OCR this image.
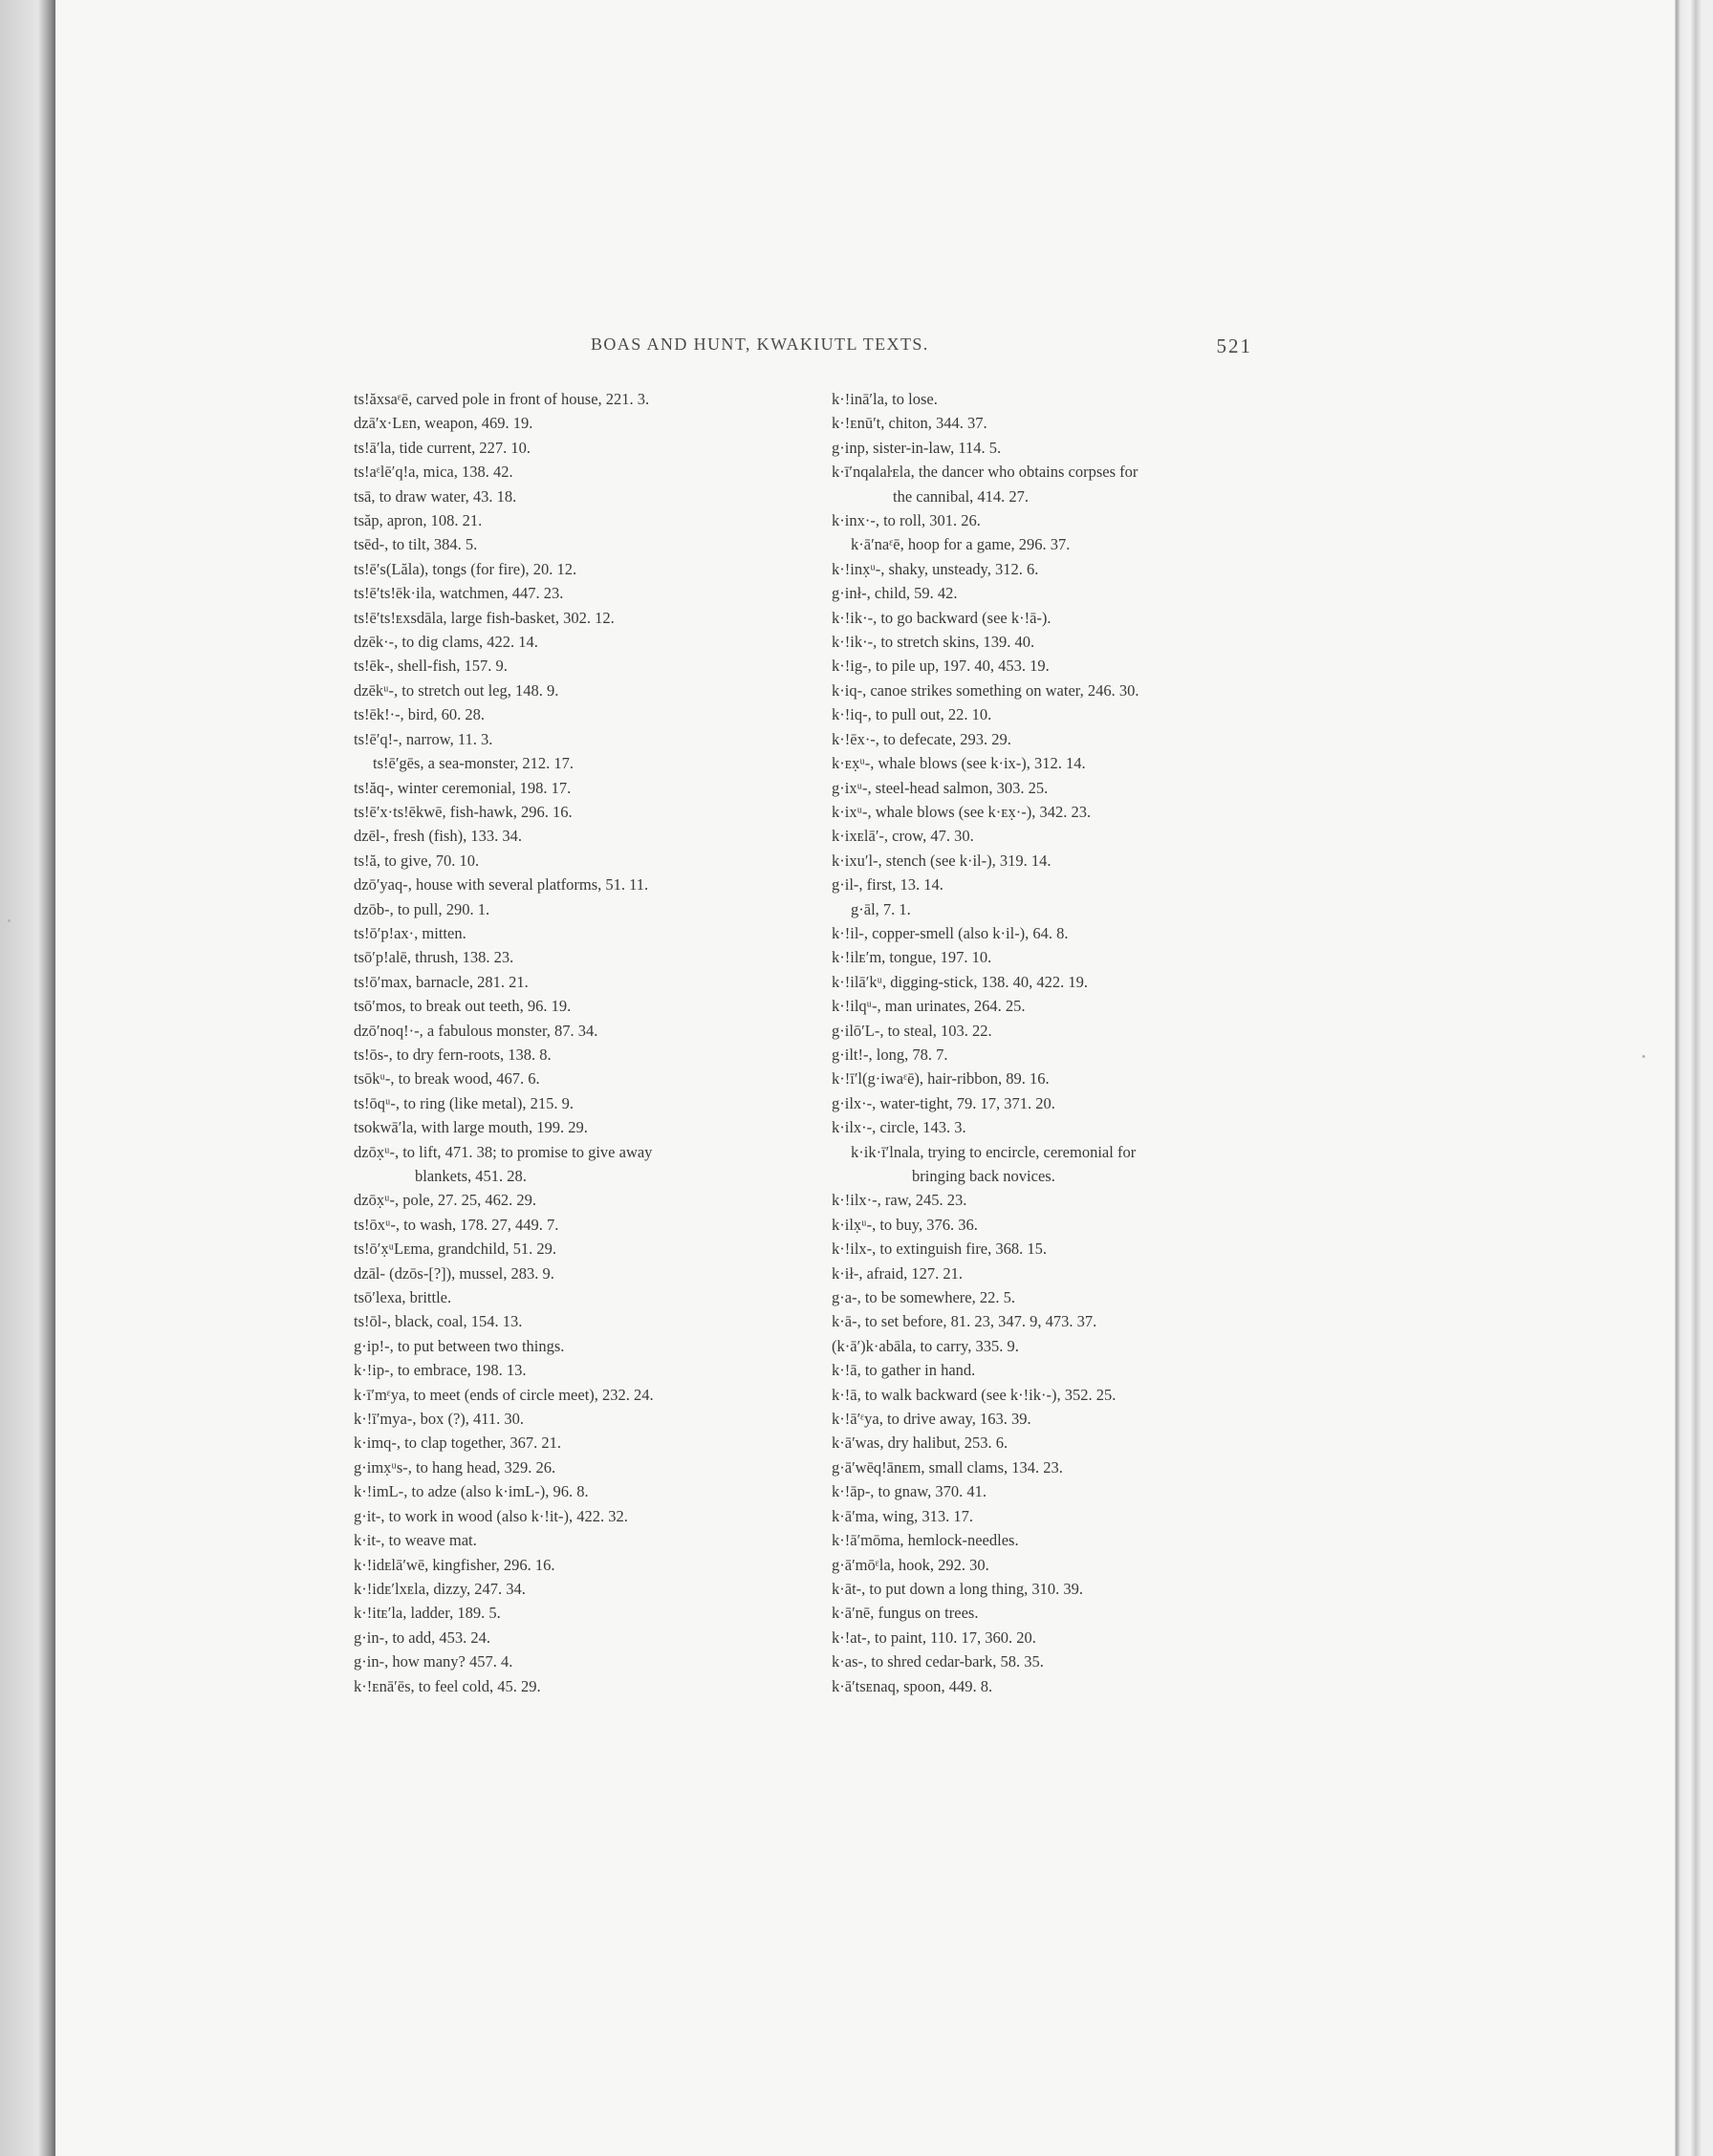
BOAS AND HUNT, KWAKIUTL TEXTS.	521

ts!ăxsaᵋē, carved pole in front of house, 221. 3.

dzā′x·Lᴇn, weapon, 469. 19.

ts!ā′la, tide current, 227. 10.

ts!aᵋlē′q!a, mica, 138. 42.

tsā, to draw water, 43. 18.

tsăp, apron, 108. 21.

tsēd-, to tilt, 384. 5.

ts!ē′s(Lăla), tongs (for fire), 20. 12.

ts!ē′ts!ēk·ila, watchmen, 447. 23.

ts!ē′ts!ᴇxsdāla, large fish-basket, 302. 12.

dzēk·-, to dig clams, 422. 14.

ts!ēk-, shell-fish, 157. 9.

dzēkᵘ-, to stretch out leg, 148. 9.

ts!ēk!·-, bird, 60. 28.

ts!ē′q!-, narrow, 11. 3.

ts!ē′gēs, a sea-monster, 212. 17.

ts!ăq-, winter ceremonial, 198. 17.

ts!ē′x·ts!ēkwē, fish-hawk, 296. 16.

dzēl-, fresh (fish), 133. 34.

ts!ă, to give, 70. 10.

dzō′yaq-, house with several platforms, 51. 11.

dzōb-, to pull, 290. 1.

ts!ō′p!ax·, mitten.

tsō′p!alē, thrush, 138. 23.

ts!ō′max, barnacle, 281. 21.

tsō′mos, to break out teeth, 96. 19.

dzō′noq!·-, a fabulous monster, 87. 34.

ts!ōs-, to dry fern-roots, 138. 8.

tsōkᵘ-, to break wood, 467. 6.

ts!ōqᵘ-, to ring (like metal), 215. 9.

tsokwā′la, with large mouth, 199. 29.

dzōx̣ᵘ-, to lift, 471. 38; to promise to give away

blankets, 451. 28.

dzōx̣ᵘ-, pole, 27. 25, 462. 29.

ts!ōxᵘ-, to wash, 178. 27, 449. 7.

ts!ō′x̣ᵘLᴇma, grandchild, 51. 29.

dzāl- (dzōs-[?]), mussel, 283. 9.

tsō′lexa, brittle.

ts!ōl-, black, coal, 154. 13.

g·ip!-, to put between two things.

k·!ip-, to embrace, 198. 13.

k·ī′mᵋya, to meet (ends of circle meet), 232. 24.

k·!ī′mya-, box (?), 411. 30.

k·imq-, to clap together, 367. 21.

g·imx̣ᵘs-, to hang head, 329. 26.

k·!imL-, to adze (also k·imL-), 96. 8.

g·it-, to work in wood (also k·!it-), 422. 32.

k·it-, to weave mat.

k·!idᴇlā′wē, kingfisher, 296. 16.

k·!idᴇ′lxᴇla, dizzy, 247. 34.

k·!itᴇ′la, ladder, 189. 5.

g·in-, to add, 453. 24.

g·in-, how many? 457. 4.

k·!ᴇnā′ēs, to feel cold, 45. 29.

k·!inā′la, to lose.

k·!ᴇnū′t, chiton, 344. 37.

g·inp, sister-in-law, 114. 5.

k·ī′nqalaŀᴇla, the dancer who obtains corpses for

the cannibal, 414. 27.

k·inx·-, to roll, 301. 26.

k·ā′naᵋē, hoop for a game, 296. 37.

k·!inx̣ᵘ-, shaky, unsteady, 312. 6.

g·inł-, child, 59. 42.

k·!ik·-, to go backward (see k·!ā-).

k·!ik·-, to stretch skins, 139. 40.

k·!ig-, to pile up, 197. 40, 453. 19.

k·iq-, canoe strikes something on water, 246. 30.

k·!iq-, to pull out, 22. 10.

k·!ēx·-, to defecate, 293. 29.

k·ᴇx̣ᵘ-, whale blows (see k·ix-), 312. 14.

g·ixᵘ-, steel-head salmon, 303. 25.

k·ixᵘ-, whale blows (see k·ᴇx̣·-), 342. 23.

k·ixᴇlā′-, crow, 47. 30.

k·ixu′l-, stench (see k·il-), 319. 14.

g·il-, first, 13. 14.

g·āl, 7. 1.

k·!il-, copper-smell (also k·il-), 64. 8.

k·!ilᴇ′m, tongue, 197. 10.

k·!ilā′kᵘ, digging-stick, 138. 40, 422. 19.

k·!ilqᵘ-, man urinates, 264. 25.

g·ilō′L-, to steal, 103. 22.

g·ilt!-, long, 78. 7.

k·!ī′l(g·iwaᵋē), hair-ribbon, 89. 16.

g·ilx·-, water-tight, 79. 17, 371. 20.

k·ilx·-, circle, 143. 3.

k·ik·ī′lnala, trying to encircle, ceremonial for

bringing back novices.

k·!ilx·-, raw, 245. 23.

k·ilx̣ᵘ-, to buy, 376. 36.

k·!ilx-, to extinguish fire, 368. 15.

k·ił-, afraid, 127. 21.

g·a-, to be somewhere, 22. 5.

k·ā-, to set before, 81. 23, 347. 9, 473. 37.

(k·ā′)k·abāla, to carry, 335. 9.

k·!ā, to gather in hand.

k·!ā, to walk backward (see k·!ik·-), 352. 25.

k·!ā′ᵋya, to drive away, 163. 39.

k·ā′was, dry halibut, 253. 6.

g·ā′wēq!ānᴇm, small clams, 134. 23.

k·!āp-, to gnaw, 370. 41.

k·ā′ma, wing, 313. 17.

k·!ā′mōma, hemlock-needles.

g·ā′mōᵋla, hook, 292. 30.

k·āt-, to put down a long thing, 310. 39.

k·ā′nē, fungus on trees.

k·!at-, to paint, 110. 17, 360. 20.

k·as-, to shred cedar-bark, 58. 35.

k·ā′tsᴇnaq, spoon, 449. 8.
